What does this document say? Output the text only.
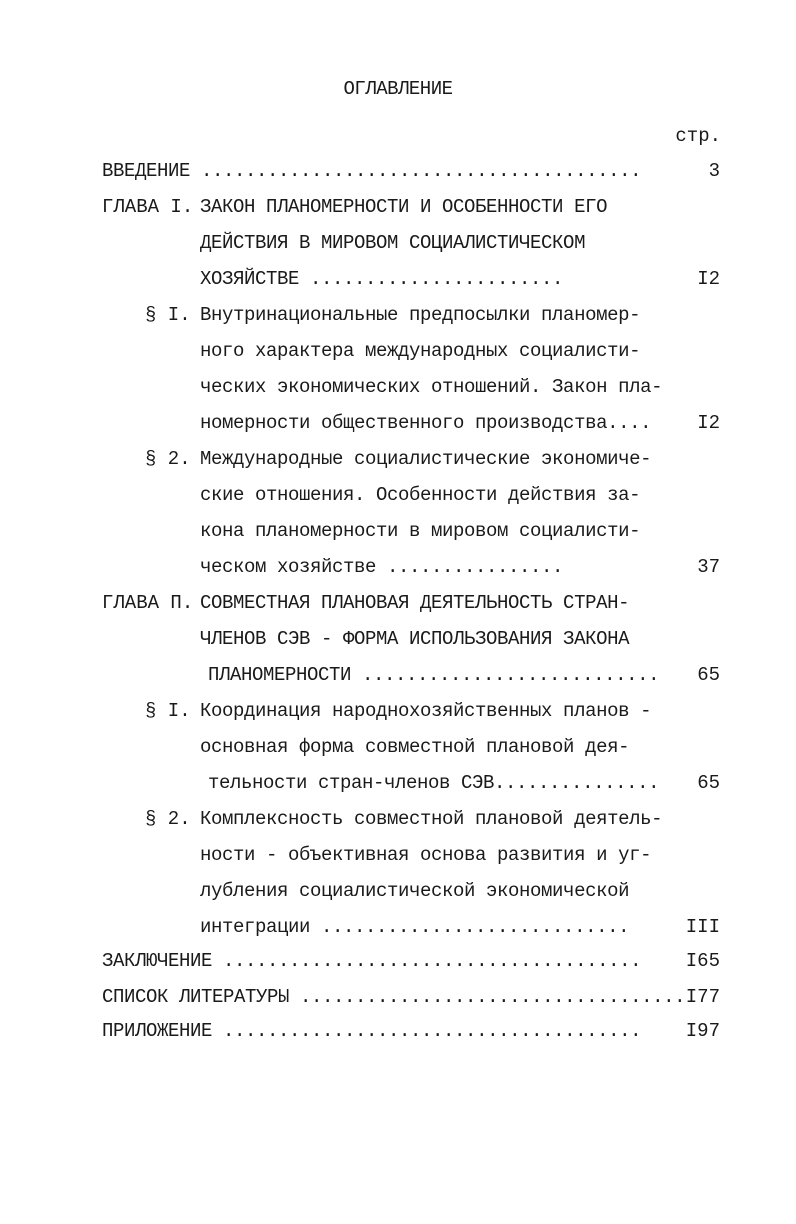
ОГЛАВЛЕНИЕ
стр.
ВВЕДЕНИЕ ........................................	3
ГЛАВА I. ЗАКОН ПЛАНОМЕРНОСТИ И ОСОБЕННОСТИ ЕГО
ДЕЙСТВИЯ В МИРОВОМ СОЦИАЛИСТИЧЕСКОМ
ХОЗЯЙСТВЕ .......................	I2
§ I. Внутринациональные предпосылки планомер-
ного характера международных социалисти-
ческих экономических отношений. Закон пла-
номерности общественного производства.... I2
§ 2. Международные социалистические экономиче-
ские отношения. Особенности действия за-
кона планомерности в мировом социалисти-
ческом хозяйстве ................	37
ГЛАВА П. СОВМЕСТНАЯ ПЛАНОВАЯ ДЕЯТЕЛЬНОСТЬ СТРАН-
ЧЛЕНОВ СЭВ - ФОРМА ИСПОЛЬЗОВАНИЯ ЗАКОНА
ПЛАНОМЕРНОСТИ ........................... 65
§ I. Координация народнохозяйственных планов -
основная форма совместной плановой дея-
тельности стран-членов СЭВ............... 65
§ 2. Комплексность совместной плановой деятель-
ности - объективная основа развития и уг-
лубления социалистической экономической
интеграции ............................	III
ЗАКЛЮЧЕНИЕ ...................................... I65
СПИСОК ЛИТЕРАТУРЫ ................................... I77
ПРИЛОЖЕНИЕ ...................................... I97
